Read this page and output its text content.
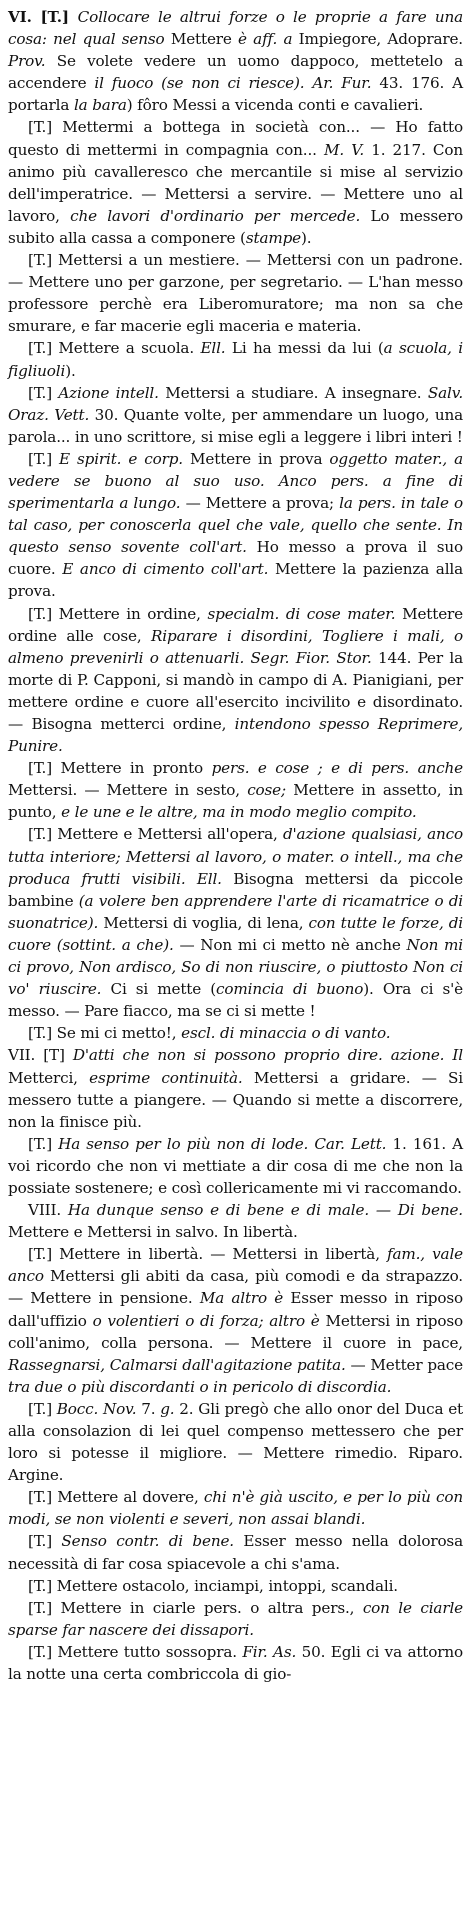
VI. [T.] Collocare le altrui forze o le proprie a fare una cosa: nel qual senso Mettere è aff. a Impiegore, Adoprare. Prov. Se volete vedere un uomo dappoco, mettetelo a accendere il fuoco (se non ci riesce). Ar. Fur. 43. 176. A portarla la bara) fôro Messi a vicenda conti e cavalieri.

[T.] Mettermi a bottega in società con... — Ho fatto questo di mettermi in compagnia con... M. V. 1. 217. Con animo più cavalleresco che mercantile si mise al servizio dell'imperatrice. — Mettersi a servire. — Mettere uno al lavoro, che lavori d'ordinario per mercede. Lo messero subito alla cassa a componere (stampe).

[T.] Mettersi a un mestiere. — Mettersi con un padrone. — Mettere uno per garzone, per segretario. — L'han messo professore perchè era Liberomuratore; ma non sa che smurare, e far macerie egli maceria e materia.

[T.] Mettere a scuola. Ell. Li ha messi da lui (a scuola, i figliuoli).

[T.] Azione intell. Mettersi a studiare. A insegnare. Salv. Oraz. Vett. 30. Quante volte, per ammendare un luogo, una parola... in uno scrittore, si mise egli a leggere i libri interi !

[T.] E spirit. e corp. Mettere in prova oggetto mater., a vedere se buono al suo uso. Anco pers. a fine di sperimentarla a lungo. — Mettere a prova; la pers. in tale o tal caso, per conoscerla quel che vale, quello che sente. In questo senso sovente coll'art. Ho messo a prova il suo cuore. E anco di cimento coll'art. Mettere la pazienza alla prova.

[T.] Mettere in ordine, specialm. di cose mater. Mettere ordine alle cose, Riparare i disordini, Togliere i mali, o almeno prevenirli o attenuarli. Segr. Fior. Stor. 144. Per la morte di P. Capponi, si mandò in campo di A. Pianigiani, per mettere ordine e cuore all'esercito incivilito e disordinato. — Bisogna metterci ordine, intendono spesso Reprimere, Punire.

[T.] Mettere in pronto pers. e cose ; e di pers. anche Mettersi. — Mettere in sesto, cose; Mettere in assetto, in punto, e le une e le altre, ma in modo meglio compito.

[T.] Mettere e Mettersi all'opera, d'azione qualsiasi, anco tutta interiore; Mettersi al lavoro, o mater. o intell., ma che produca frutti visibili. Ell. Bisogna mettersi da piccole bambine (a volere ben apprendere l'arte di ricamatrice o di suonatrice). Mettersi di voglia, di lena, con tutte le forze, di cuore (sottint. a che). — Non mi ci metto nè anche Non mi ci provo, Non ardisco, So di non riuscire, o piuttosto Non ci vo' riuscire. Ci si mette (comincia di buono). Ora ci s'è messo. — Pare fiacco, ma se ci si mette !

[T.] Se mi ci metto!, escl. di minaccia o di vanto.

VII. [T] D'atti che non si possono proprio dire. azione. Il Metterci, esprime continuità. Mettersi a gridare. — Si messero tutte a piangere. — Quando si mette a discorrere, non la finisce più.

[T.] Ha senso per lo più non di lode. Car. Lett. 1. 161. A voi ricordo che non vi mettiate a dir cosa di me che non la possiate sostenere; e così collericamente mi vi raccomando.

VIII. Ha dunque senso e di bene e di male. — Di bene. Mettere e Mettersi in salvo. In libertà.

[T.] Mettere in libertà. — Mettersi in libertà, fam., vale anco Mettersi gli abiti da casa, più comodi e da strapazzo. — Mettere in pensione. Ma altro è Esser messo in riposo dall'uffizio o volentieri o di forza; altro è Mettersi in riposo coll'animo, colla persona. — Mettere il cuore in pace, Rassegnarsi, Calmarsi dall'agitazione patita. — Metter pace tra due o più discordanti o in pericolo di discordia.

[T.] Bocc. Nov. 7. g. 2. Gli pregò che allo onor del Duca et alla consolazion di lei quel compenso mettessero che per loro si potesse il migliore. — Mettere rimedio. Riparo. Argine.

[T.] Mettere al dovere, chi n'è già uscito, e per lo più con modi, se non violenti e severi, non assai blandi.

[T.] Senso contr. di bene. Esser messo nella dolorosa necessità di far cosa spiacevole a chi s'ama.

[T.] Mettere ostacolo, inciampi, intoppi, scandali.

[T.] Mettere in ciarle pers. o altra pers., con le ciarle sparse far nascere dei dissapori.

[T.] Mettere tutto sossopra. Fir. As. 50. Egli ci va attorno la notte una certa combriccola di gio-
